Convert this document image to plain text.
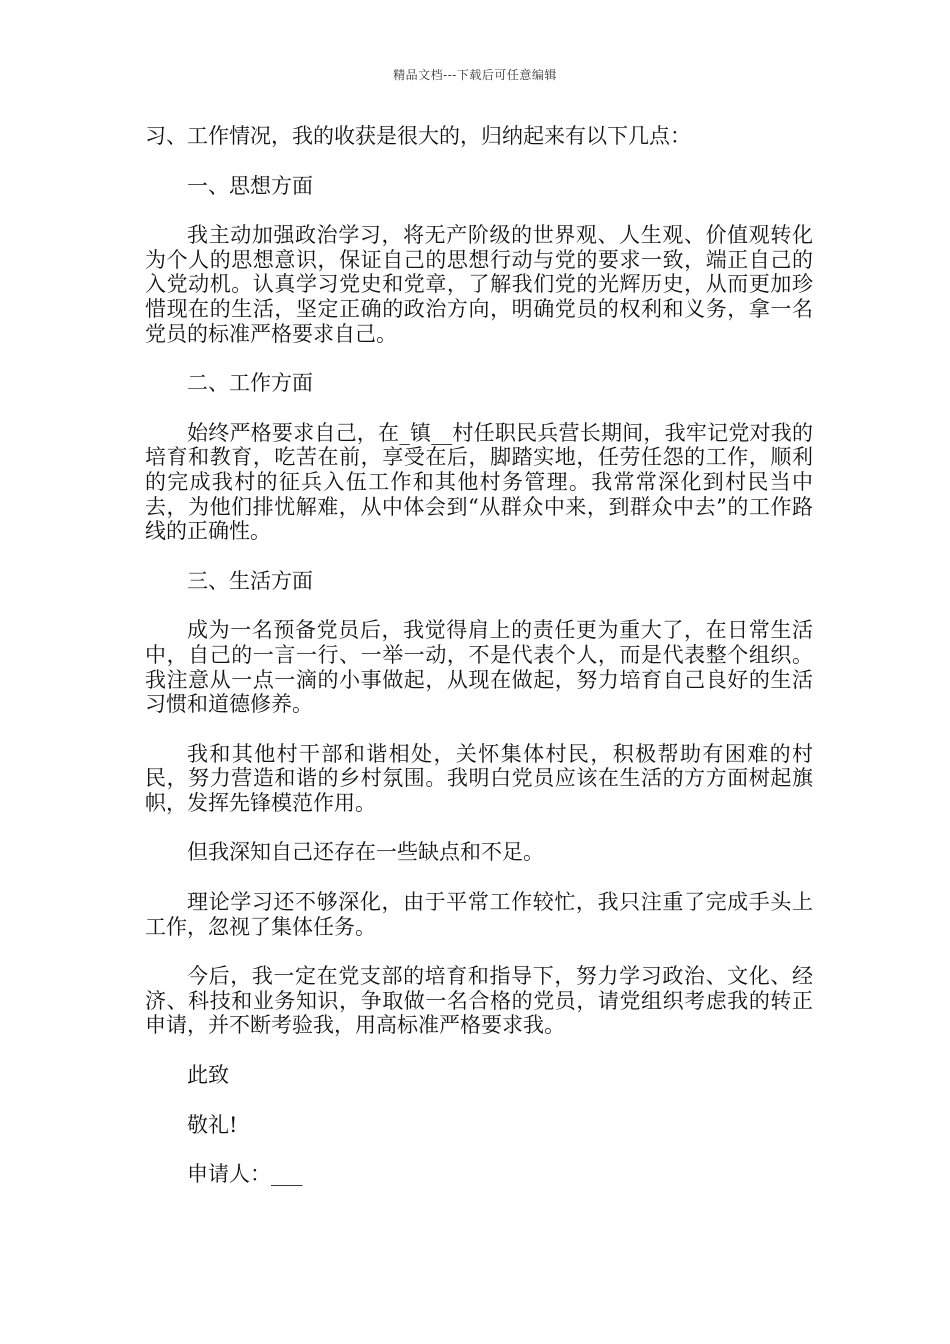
精品文档---下载后可任意编辑

习、工作情况，我的收获是很大的，归纳起来有以下几点：

一、思想方面

我主动加强政治学习，将无产阶级的世界观、人生观、价值观转化为个人的思想意识，保证自己的思想行动与党的要求一致，端正自己的入党动机。认真学习党史和党章，了解我们党的光辉历史，从而更加珍惜现在的生活，坚定正确的政治方向，明确党员的权利和义务，拿一名党员的标准严格要求自己。

二、工作方面

始终严格要求自己，在_镇__村任职民兵营长期间，我牢记党对我的培育和教育，吃苦在前，享受在后，脚踏实地，任劳任怨的工作，顺利的完成我村的征兵入伍工作和其他村务管理。我常常深化到村民当中去，为他们排忧解难，从中体会到“从群众中来，到群众中去”的工作路线的正确性。

三、生活方面

成为一名预备党员后，我觉得肩上的责任更为重大了，在日常生活中，自己的一言一行、一举一动，不是代表个人，而是代表整个组织。我注意从一点一滴的小事做起，从现在做起，努力培育自己良好的生活习惯和道德修养。

我和其他村干部和谐相处，关怀集体村民，积极帮助有困难的村民，努力营造和谐的乡村氛围。我明白党员应该在生活的方方面树起旗帜，发挥先锋模范作用。

但我深知自己还存在一些缺点和不足。

理论学习还不够深化，由于平常工作较忙，我只注重了完成手头上工作，忽视了集体任务。

今后，我一定在党支部的培育和指导下，努力学习政治、文化、经济、科技和业务知识，争取做一名合格的党员，请党组织考虑我的转正申请，并不断考验我，用高标准严格要求我。

此致

敬礼!

申请人：___
